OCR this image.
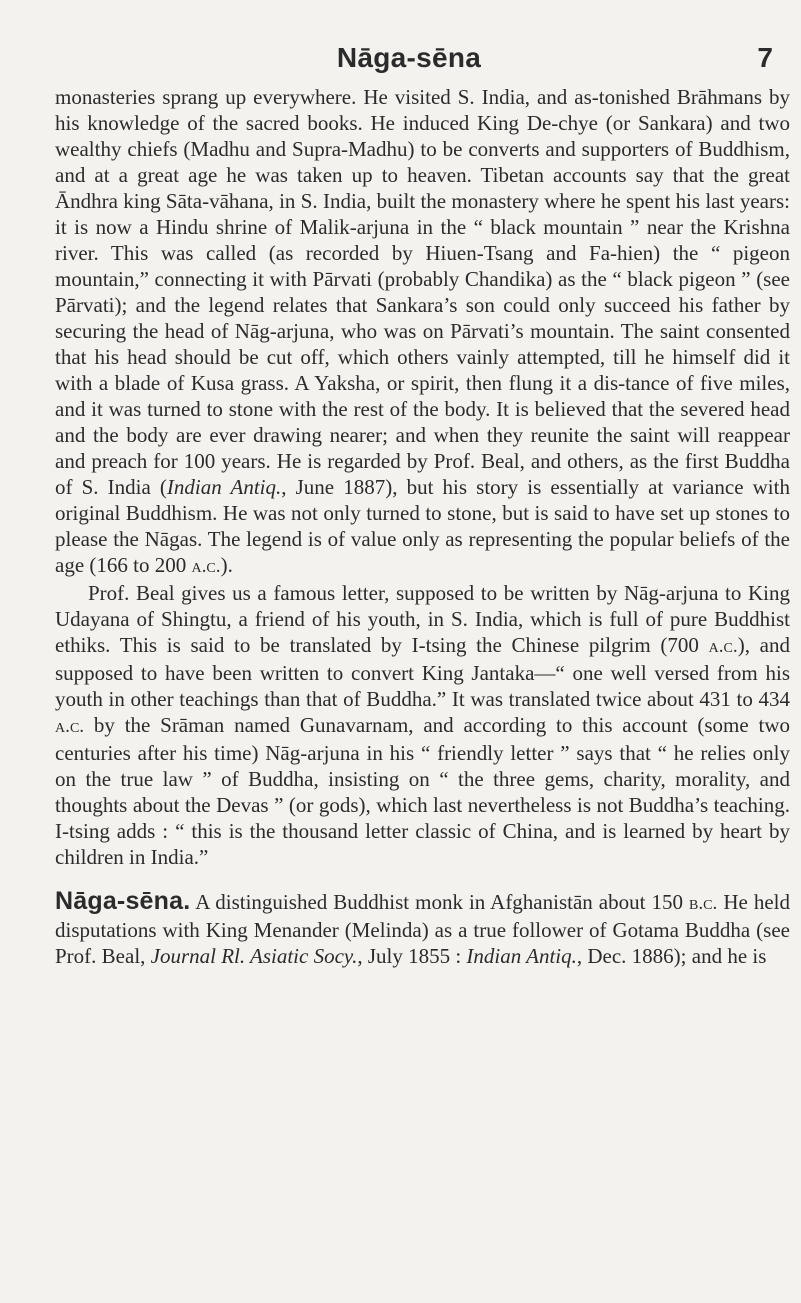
Nāga-sēna	7

monasteries sprang up everywhere. He visited S. India, and as-tonished Brāhmans by his knowledge of the sacred books. He induced King De-chye (or Sankara) and two wealthy chiefs (Madhu and Supra-Madhu) to be converts and supporters of Buddhism, and at a great age he was taken up to heaven. Tibetan accounts say that the great Āndhra king Sāta-vāhana, in S. India, built the monastery where he spent his last years: it is now a Hindu shrine of Malik-arjuna in the “ black mountain ” near the Krishna river. This was called (as recorded by Hiuen-Tsang and Fa-hien) the “ pigeon mountain,” connecting it with Pārvati (probably Chandika) as the “ black pigeon ” (see Pārvati); and the legend relates that Sankara’s son could only succeed his father by securing the head of Nāg-arjuna, who was on Pārvati’s mountain. The saint consented that his head should be cut off, which others vainly attempted, till he himself did it with a blade of Kusa grass. A Yaksha, or spirit, then flung it a dis-tance of five miles, and it was turned to stone with the rest of the body. It is believed that the severed head and the body are ever drawing nearer; and when they reunite the saint will reappear and preach for 100 years. He is regarded by Prof. Beal, and others, as the first Buddha of S. India (Indian Antiq., June 1887), but his story is essentially at variance with original Buddhism. He was not only turned to stone, but is said to have set up stones to please the Nāgas. The legend is of value only as representing the popular beliefs of the age (166 to 200 a.c.).

Prof. Beal gives us a famous letter, supposed to be written by Nāg-arjuna to King Udayana of Shingtu, a friend of his youth, in S. India, which is full of pure Buddhist ethiks. This is said to be translated by I-tsing the Chinese pilgrim (700 a.c.), and supposed to have been written to convert King Jantaka—“ one well versed from his youth in other teachings than that of Buddha.” It was translated twice about 431 to 434 a.c. by the Srāman named Gunavarnam, and according to this account (some two centuries after his time) Nāg-arjuna in his “ friendly letter ” says that “ he relies only on the true law ” of Buddha, insisting on “ the three gems, charity, morality, and thoughts about the Devas ” (or gods), which last nevertheless is not Buddha’s teaching. I-tsing adds : “ this is the thousand letter classic of China, and is learned by heart by children in India.”

Nāga-sēna. A distinguished Buddhist monk in Afghanistān about 150 b.c. He held disputations with King Menander (Melinda) as a true follower of Gotama Buddha (see Prof. Beal, Journal Rl. Asiatic Socy., July 1855 : Indian Antiq., Dec. 1886); and he is
